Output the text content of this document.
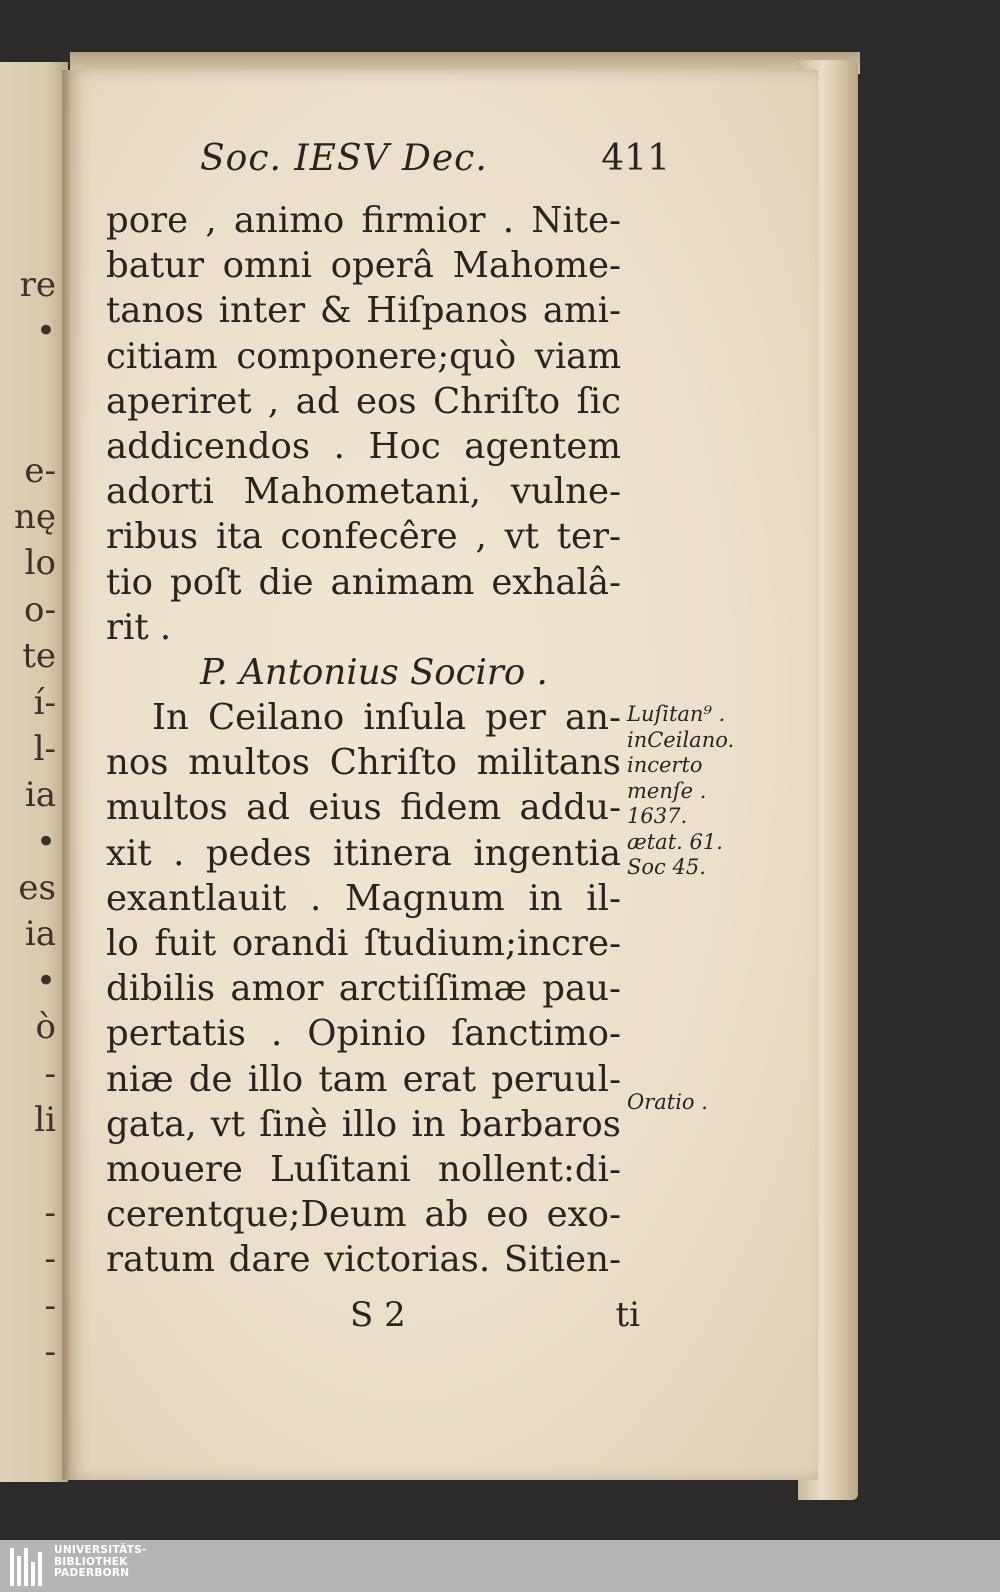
re
•
e-
nę
lo
o-
te
í-
l-
ia
•
es
ia
•
ò
-
li
-
-
-
-
Soc. IESV Dec.	411
pore , animo firmior . Nite-
batur omni operâ Mahome-
tanos inter & Hiſpanos ami-
citiam componere;quò viam
aperiret , ad eos Chriſto ſic
addicendos . Hoc agentem
adorti Mahometani, vulne-
ribus ita confecêre , vt ter-
tio poſt die animam exhalâ-
rit .
P. Antonius Sociro .
In Ceilano inſula per an-
nos multos Chriſto militans
multos ad eius fidem addu-
xit . pedes itinera ingentia
exantlauit . Magnum in il-
lo fuit orandi ſtudium;incre-
dibilis amor arctiſſimæ pau-
pertatis . Opinio ſanctimo-
niæ de illo tam erat peruul-
gata, vt ſinè illo in barbaros
mouere Luſitani nollent:di-
cerentque;Deum ab eo exo-
ratum dare victorias. Sitien-
S 2	ti
Luſitan⁹ .
inCeilano.
incerto
menſe .
1637.
ætat. 61.
Soc 45.
Oratio .
UNIVERSITÄTS-
BIBLIOTHEK
PADERBORN
